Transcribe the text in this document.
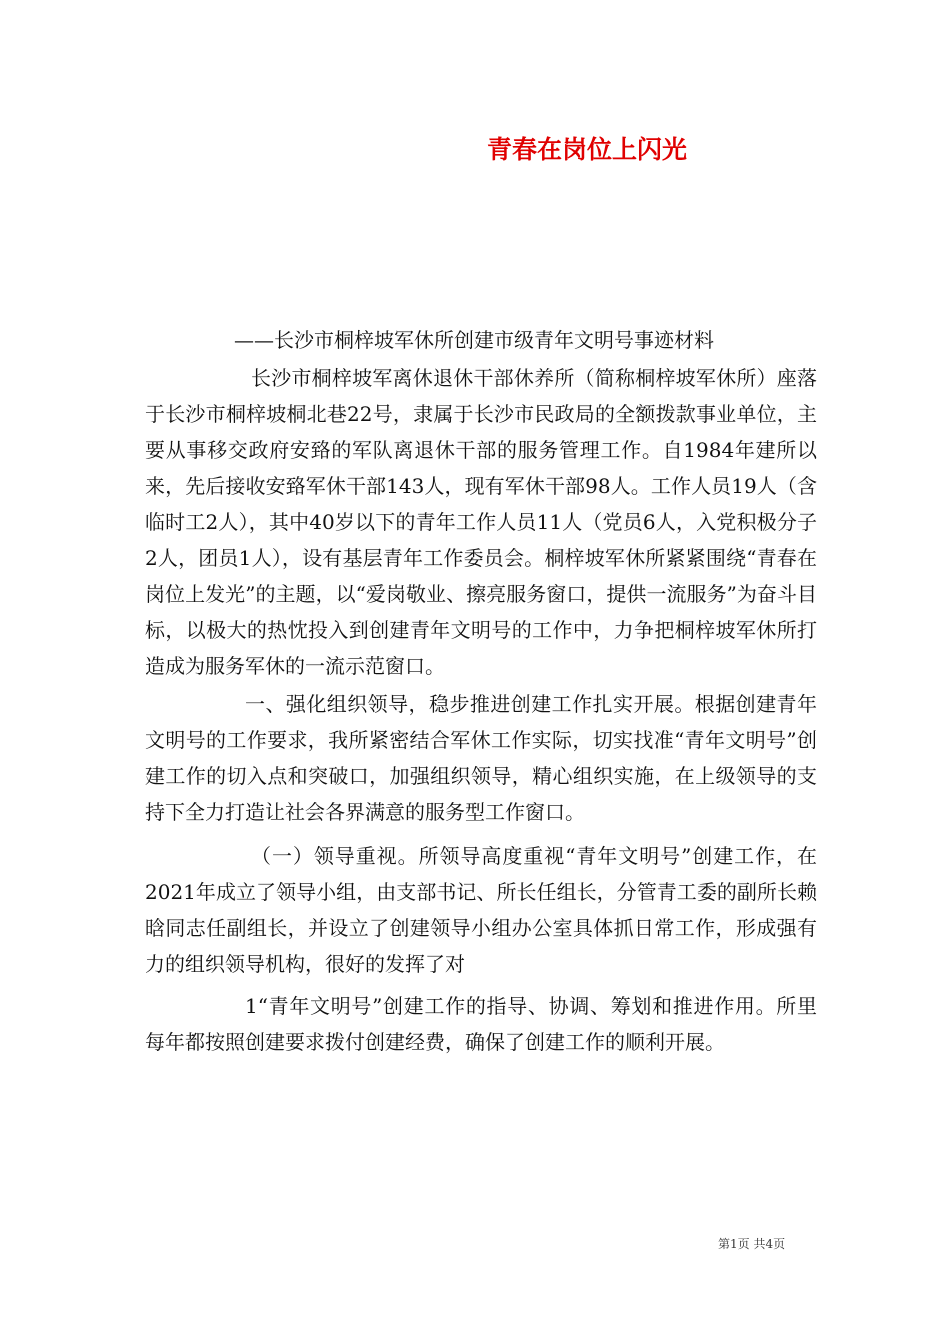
青春在岗位上闪光
——长沙市桐梓坡军休所创建市级青年文明号事迹材料

长沙市桐梓坡军离休退休干部休养所（简称桐梓坡军休所）座落于长沙市桐梓坡桐北巷22号，隶属于长沙市民政局的全额拨款事业单位，主要从事移交政府安臵的军队离退休干部的服务管理工作。自1984年建所以来，先后接收安臵军休干部143人，现有军休干部98人。工作人员19人（含临时工2人），其中40岁以下的青年工作人员11人（党员6人，入党积极分子2人，团员1人），设有基层青年工作委员会。桐梓坡军休所紧紧围绕“青春在岗位上发光”的主题，以“爱岗敬业、擦亮服务窗口，提供一流服务”为奋斗目标，以极大的热忱投入到创建青年文明号的工作中，力争把桐梓坡军休所打造成为服务军休的一流示范窗口。

一、强化组织领导，稳步推进创建工作扎实开展。根据创建青年文明号的工作要求，我所紧密结合军休工作实际，切实找准“青年文明号”创建工作的切入点和突破口，加强组织领导，精心组织实施，在上级领导的支持下全力打造让社会各界满意的服务型工作窗口。

（一）领导重视。所领导高度重视“青年文明号”创建工作，在2021年成立了领导小组，由支部书记、所长任组长，分管青工委的副所长赖晗同志任副组长，并设立了创建领导小组办公室具体抓日常工作，形成强有力的组织领导机构，很好的发挥了对

1“青年文明号”创建工作的指导、协调、筹划和推进作用。所里每年都按照创建要求拨付创建经费，确保了创建工作的顺利开展。

第1页 共4页
